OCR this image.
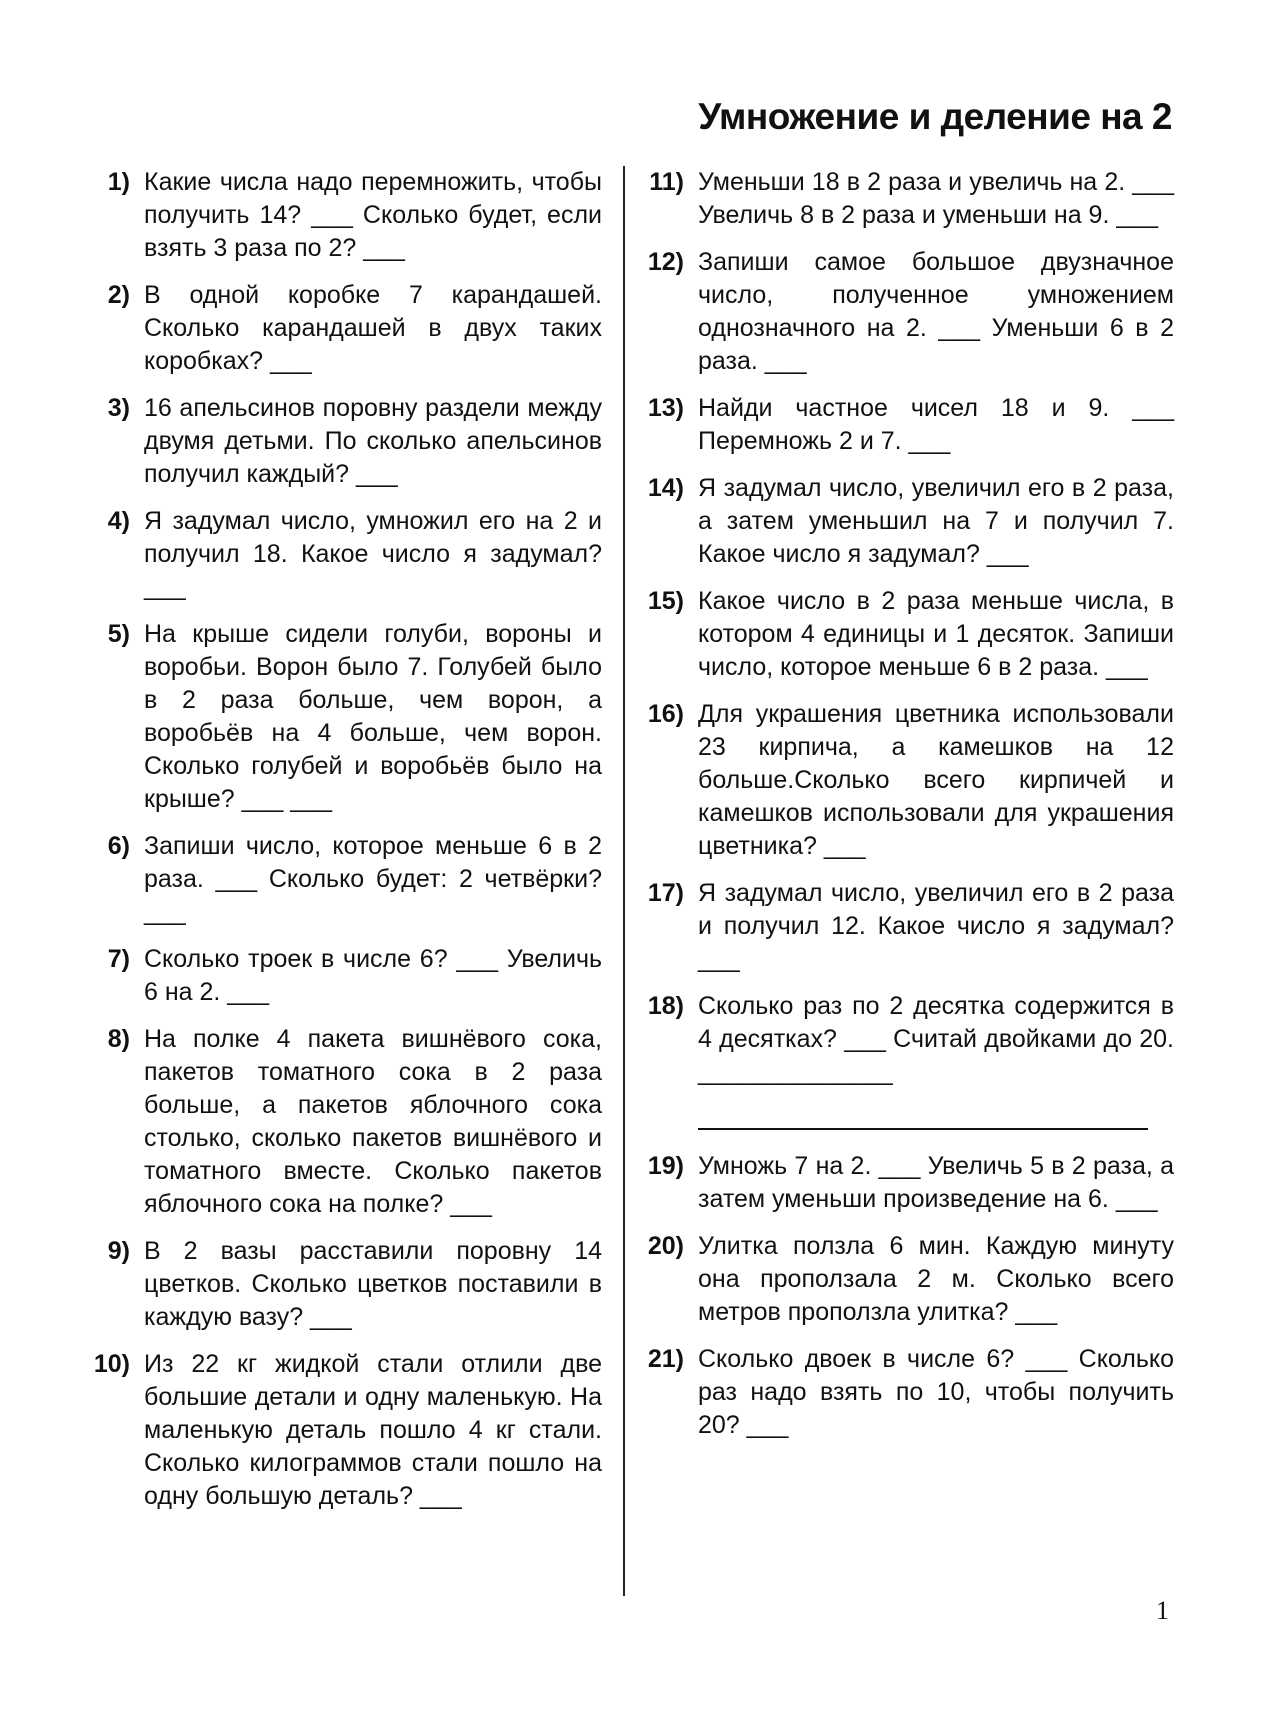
Умножение и деление на 2
1) Какие числа надо перемножить, чтобы получить 14? ___ Сколько будет, если взять 3 раза по 2? ___
2) В одной коробке 7 карандашей. Сколько карандашей в двух таких коробках? ___
3) 16 апельсинов поровну раздели между двумя детьми. По сколько апельсинов получил каждый? ___
4) Я задумал число, умножил его на 2 и получил 18. Какое число я задумал? ___
5) На крыше сидели голуби, вороны и воробьи. Ворон было 7. Голубей было в 2 раза больше, чем ворон, а воробьёв на 4 больше, чем ворон. Сколько голубей и воробьёв было на крыше? ___ ___
6) Запиши число, которое меньше 6 в 2 раза. ___ Сколько будет: 2 четвёрки? ___
7) Сколько троек в числе 6? ___ Увеличь 6 на 2. ___
8) На полке 4 пакета вишнёвого сока, пакетов томатного сока в 2 раза больше, а пакетов яблочного сока столько, сколько пакетов вишнёвого и томатного вместе. Сколько пакетов яблочного сока на полке? ___
9) В 2 вазы расставили поровну 14 цветков. Сколько цветков поставили в каждую вазу? ___
10) Из 22 кг жидкой стали отлили две большие детали и одну маленькую. На маленькую деталь пошло 4 кг стали. Сколько килограммов стали пошло на одну большую деталь? ___
11) Уменьши 18 в 2 раза и увеличь на 2. ___ Увеличь 8 в 2 раза и уменьши на 9. ___
12) Запиши самое большое двузначное число, полученное умножением однозначного на 2. ___ Уменьши 6 в 2 раза. ___
13) Найди частное чисел 18 и 9. ___ Перемножь 2 и 7. ___
14) Я задумал число, увеличил его в 2 раза, а затем уменьшил на 7 и получил 7. Какое число я задумал? ___
15) Какое число в 2 раза меньше числа, в котором 4 единицы и 1 десяток. Запиши число, которое меньше 6 в 2 раза. ___
16) Для украшения цветника использовали 23 кирпича, а камешков на 12 больше.Сколько всего кирпичей и камешков использовали для украшения цветника? ___
17) Я задумал число, увеличил его в 2 раза и получил 12. Какое число я задумал? ___
18) Сколько раз по 2 десятка содержится в 4 десятках? ___ Считай двойками до 20. ______________
19) Умножь 7 на 2. ___ Увеличь 5 в 2 раза, а затем уменьши произведение на 6. ___
20) Улитка ползла 6 мин. Каждую минуту она проползала 2 м. Сколько всего метров проползла улитка? ___
21) Сколько двоек в числе 6? ___ Сколько раз надо взять по 10, чтобы получить 20? ___
1
